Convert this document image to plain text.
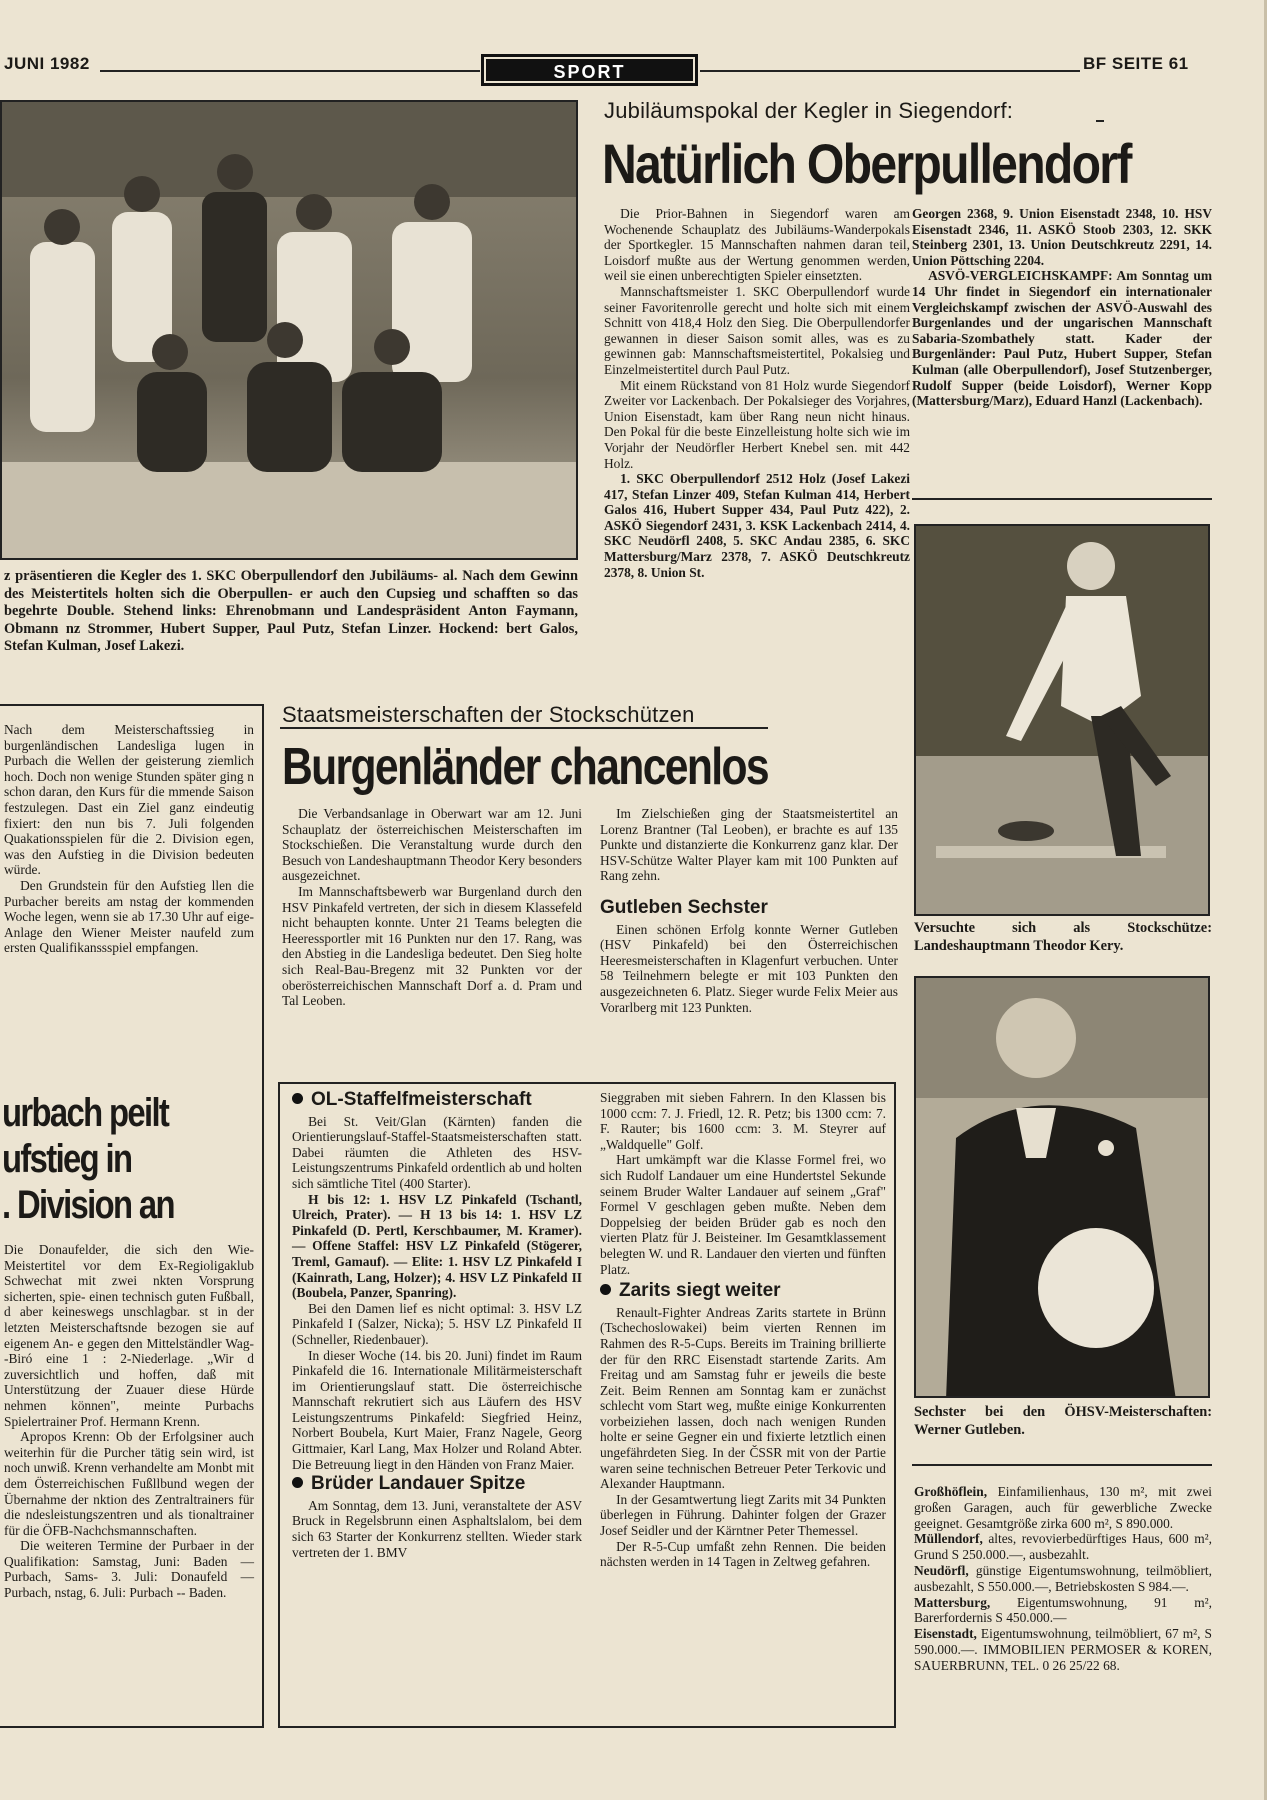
JUNI 1982	SPORT	BF SEITE 61
z präsentieren die Kegler des 1. SKC Oberpullendorf den Jubiläums- al. Nach dem Gewinn des Meistertitels holten sich die Oberpullen- er auch den Cupsieg und schafften so das begehrte Double. Stehend links: Ehrenobmann und Landespräsident Anton Faymann, Obmann nz Strommer, Hubert Supper, Paul Putz, Stefan Linzer. Hockend: bert Galos, Stefan Kulman, Josef Lakezi.
Jubiläumspokal der Kegler in Siegendorf:
Natürlich Oberpullendorf

Die Prior-Bahnen in Siegendorf waren am Wochenende Schauplatz des Jubiläums-Wanderpokals der Sportkegler. 15 Mannschaften nahmen daran teil, Loisdorf mußte aus der Wertung genommen werden, weil sie einen unberechtigten Spieler einsetzten.

Mannschaftsmeister 1. SKC Oberpullendorf wurde seiner Favoritenrolle gerecht und holte sich mit einem Schnitt von 418,4 Holz den Sieg. Die Oberpullendorfer gewannen in dieser Saison somit alles, was es zu gewinnen gab: Mannschaftsmeistertitel, Pokalsieg und Einzelmeistertitel durch Paul Putz.

Mit einem Rückstand von 81 Holz wurde Siegendorf Zweiter vor Lackenbach. Der Pokalsieger des Vorjahres, Union Eisenstadt, kam über Rang neun nicht hinaus. Den Pokal für die beste Einzelleistung holte sich wie im Vorjahr der Neudörfler Herbert Knebel sen. mit 442 Holz.

1. SKC Oberpullendorf 2512 Holz (Josef Lakezi 417, Stefan Linzer 409, Stefan Kulman 414, Herbert Galos 416, Hubert Supper 434, Paul Putz 422), 2. ASKÖ Siegendorf 2431, 3. KSK Lackenbach 2414, 4. SKC Neudörfl 2408, 5. SKC Andau 2385, 6. SKC Mattersburg/Marz 2378, 7. ASKÖ Deutschkreutz 2378, 8. Union St.

Georgen 2368, 9. Union Eisenstadt 2348, 10. HSV Eisenstadt 2346, 11. ASKÖ Stoob 2303, 12. SKK Steinberg 2301, 13. Union Deutschkreutz 2291, 14. Union Pöttsching 2204.

ASVÖ-VERGLEICHSKAMPF: Am Sonntag um 14 Uhr findet in Siegendorf ein internationaler Vergleichskampf zwischen der ASVÖ-Auswahl des Burgenlandes und der ungarischen Mannschaft Sabaria-Szombathely statt. Kader der Burgenländer: Paul Putz, Hubert Supper, Stefan Kulman (alle Oberpullendorf), Josef Stutzenberger, Rudolf Supper (beide Loisdorf), Werner Kopp (Mattersburg/Marz), Eduard Hanzl (Lackenbach).

Versuchte sich als Stockschütze: Landeshauptmann Theodor Kery.
Sechster bei den ÖHSV-Meisterschaften: Werner Gutleben.

Großhöflein, Einfamilienhaus, 130 m², mit zwei großen Garagen, auch für gewerbliche Zwecke geeignet. Gesamtgröße zirka 600 m², S 890.000.

Müllendorf, altes, revovierbedürftiges Haus, 600 m², Grund S 250.000.—, ausbezahlt.

Neudörfl, günstige Eigentumswohnung, teilmöbliert, ausbezahlt, S 550.000.—, Betriebskosten S 984.—.

Mattersburg, Eigentumswohnung, 91 m², Barerfordernis S 450.000.—

Eisenstadt, Eigentumswohnung, teilmöbliert, 67 m², S 590.000.—. IMMOBILIEN PERMOSER & KOREN, SAUERBRUNN, TEL. 0 26 25/22 68.

Nach dem Meisterschaftssieg in burgenländischen Landesliga lugen in Purbach die Wellen der geisterung ziemlich hoch. Doch non wenige Stunden später ging n schon daran, den Kurs für die mmende Saison festzulegen. Dast ein Ziel ganz eindeutig fixiert: den nun bis 7. Juli folgenden Quakationsspielen für die 2. Division egen, was den Aufstieg in die Division bedeuten würde.

Den Grundstein für den Aufstieg llen die Purbacher bereits am nstag der kommenden Woche legen, wenn sie ab 17.30 Uhr auf eige- Anlage den Wiener Meister naufeld zum ersten Qualifikanssspiel empfangen.

urbach peilt
ufstieg in
. Division an

Die Donaufelder, die sich den Wie- Meistertitel vor dem Ex-Regioligaklub Schwechat mit zwei nkten Vorsprung sicherten, spie- einen technisch guten Fußball, d aber keineswegs unschlagbar. st in der letzten Meisterschaftsnde bezogen sie auf eigenem An- e gegen den Mittelständler Wag- -Biró eine 1 : 2-Niederlage. „Wir d zuversichtlich und hoffen, daß mit Unterstützung der Zuauer diese Hürde nehmen können", meinte Purbachs Spielertrainer Prof. Hermann Krenn.

Apropos Krenn: Ob der Erfolgsiner auch weiterhin für die Purcher tätig sein wird, ist noch unwiß. Krenn verhandelte am Monbt mit dem Österreichischen Fußllbund wegen der Übernahme der nktion des Zentraltrainers für die ndesleistungszentren und als tionaltrainer für die ÖFB-Nachchsmannschaften.

Die weiteren Termine der Purbaer in der Qualifikation: Samstag, Juni: Baden — Purbach, Sams- 3. Juli: Donaufeld — Purbach, nstag, 6. Juli: Purbach -- Baden.

Staatsmeisterschaften der Stockschützen
Burgenländer chancenlos

Die Verbandsanlage in Oberwart war am 12. Juni Schauplatz der österreichischen Meisterschaften im Stockschießen. Die Veranstaltung wurde durch den Besuch von Landeshauptmann Theodor Kery besonders ausgezeichnet.

Im Mannschaftsbewerb war Burgenland durch den HSV Pinkafeld vertreten, der sich in diesem Klassefeld nicht behaupten konnte. Unter 21 Teams belegten die Heeressportler mit 16 Punkten nur den 17. Rang, was den Abstieg in die Landesliga bedeutet. Den Sieg holte sich Real-Bau-Bregenz mit 32 Punkten vor der oberösterreichischen Mannschaft Dorf a. d. Pram und Tal Leoben.

Im Zielschießen ging der Staatsmeistertitel an Lorenz Brantner (Tal Leoben), er brachte es auf 135 Punkte und distanzierte die Konkurrenz ganz klar. Der HSV-Schütze Walter Player kam mit 100 Punkten auf Rang zehn.

Gutleben Sechster

Einen schönen Erfolg konnte Werner Gutleben (HSV Pinkafeld) bei den Österreichischen Heeresmeisterschaften in Klagenfurt verbuchen. Unter 58 Teilnehmern belegte er mit 103 Punkten den ausgezeichneten 6. Platz. Sieger wurde Felix Meier aus Vorarlberg mit 123 Punkten.

OL-Staffelfmeisterschaft

Bei St. Veit/Glan (Kärnten) fanden die Orientierungslauf-Staffel-Staatsmeisterschaften statt. Dabei räumten die Athleten des HSV-Leistungszentrums Pinkafeld ordentlich ab und holten sich sämtliche Titel (400 Starter).

H bis 12: 1. HSV LZ Pinkafeld (Tschantl, Ulreich, Prater). — H 13 bis 14: 1. HSV LZ Pinkafeld (D. Pertl, Kerschbaumer, M. Kramer). — Offene Staffel: HSV LZ Pinkafeld (Stögerer, Treml, Gamauf). — Elite: 1. HSV LZ Pinkafeld I (Kainrath, Lang, Holzer); 4. HSV LZ Pinkafeld II (Boubela, Panzer, Spanring).

Bei den Damen lief es nicht optimal: 3. HSV LZ Pinkafeld I (Salzer, Nicka); 5. HSV LZ Pinkafeld II (Schneller, Riedenbauer).

In dieser Woche (14. bis 20. Juni) findet im Raum Pinkafeld die 16. Internationale Militärmeisterschaft im Orientierungslauf statt. Die österreichische Mannschaft rekrutiert sich aus Läufern des HSV Leistungszentrums Pinkafeld: Siegfried Heinz, Norbert Boubela, Kurt Maier, Franz Nagele, Georg Gittmaier, Karl Lang, Max Holzer und Roland Abter. Die Betreuung liegt in den Händen von Franz Maier.

Brüder Landauer Spitze

Am Sonntag, dem 13. Juni, veranstaltete der ASV Bruck in Regelsbrunn einen Asphaltslalom, bei dem sich 63 Starter der Konkurrenz stellten. Wieder stark vertreten der 1. BMV

Sieggraben mit sieben Fahrern. In den Klassen bis 1000 ccm: 7. J. Friedl, 12. R. Petz; bis 1300 ccm: 7. F. Rauter; bis 1600 ccm: 3. M. Steyrer auf „Waldquelle" Golf.

Hart umkämpft war die Klasse Formel frei, wo sich Rudolf Landauer um eine Hundertstel Sekunde seinem Bruder Walter Landauer auf seinem „Graf" Formel V geschlagen geben mußte. Neben dem Doppelsieg der beiden Brüder gab es noch den vierten Platz für J. Beisteiner. Im Gesamtklassement belegten W. und R. Landauer den vierten und fünften Platz.

Zarits siegt weiter

Renault-Fighter Andreas Zarits startete in Brünn (Tschechoslowakei) beim vierten Rennen im Rahmen des R-5-Cups. Bereits im Training brillierte der für den RRC Eisenstadt startende Zarits. Am Freitag und am Samstag fuhr er jeweils die beste Zeit. Beim Rennen am Sonntag kam er zunächst schlecht vom Start weg, mußte einige Konkurrenten vorbeiziehen lassen, doch nach wenigen Runden holte er seine Gegner ein und fixierte letztlich einen ungefährdeten Sieg. In der ČSSR mit von der Partie waren seine technischen Betreuer Peter Terkovic und Alexander Hauptmann.

In der Gesamtwertung liegt Zarits mit 34 Punkten überlegen in Führung. Dahinter folgen der Grazer Josef Seidler und der Kärntner Peter Themessel.

Der R-5-Cup umfaßt zehn Rennen. Die beiden nächsten werden in 14 Tagen in Zeltweg gefahren.
